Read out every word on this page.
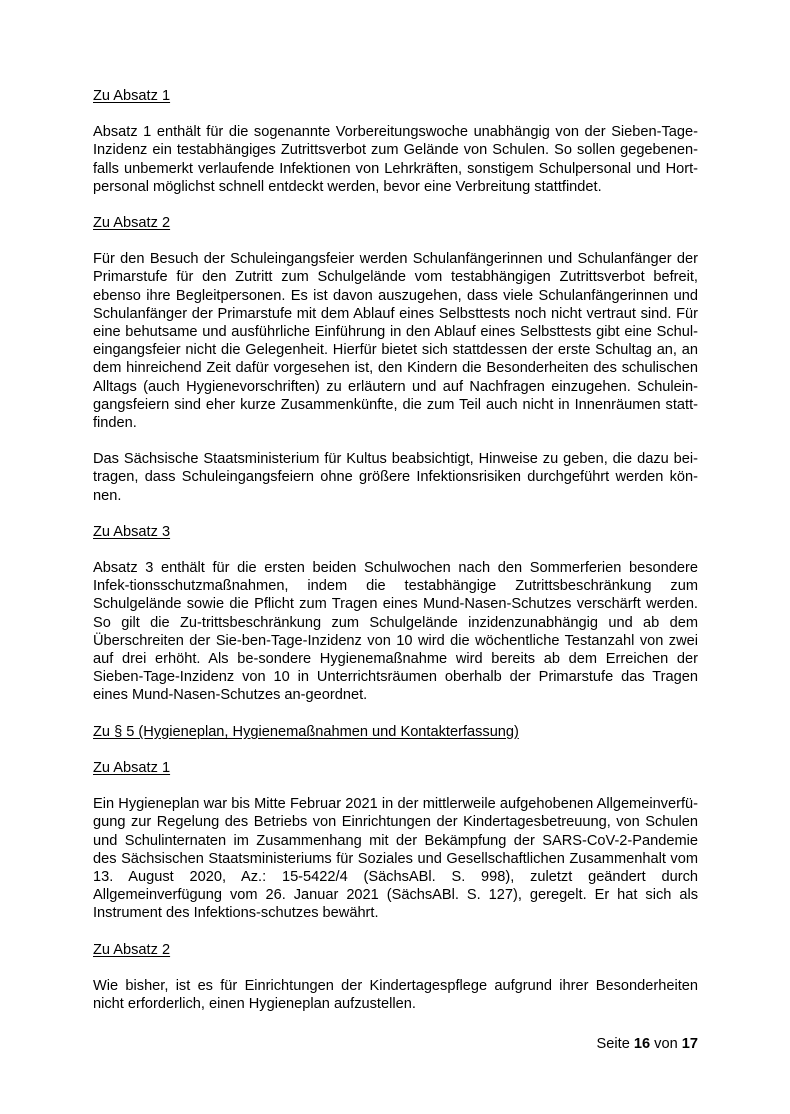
Zu Absatz 1
Absatz 1 enthält für die sogenannte Vorbereitungswoche unabhängig von der Sieben-Tage-Inzidenz ein testabhängiges Zutrittsverbot zum Gelände von Schulen. So sollen gegebenen-falls unbemerkt verlaufende Infektionen von Lehrkräften, sonstigem Schulpersonal und Hort-personal möglichst schnell entdeckt werden, bevor eine Verbreitung stattfindet.
Zu Absatz 2
Für den Besuch der Schuleingangsfeier werden Schulanfängerinnen und Schulanfänger der Primarstufe für den Zutritt zum Schulgelände vom testabhängigen Zutrittsverbot befreit, ebenso ihre Begleitpersonen. Es ist davon auszugehen, dass viele Schulanfängerinnen und Schulanfänger der Primarstufe mit dem Ablauf eines Selbsttests noch nicht vertraut sind. Für eine behutsame und ausführliche Einführung in den Ablauf eines Selbsttests gibt eine Schul-eingangsfeier nicht die Gelegenheit. Hierfür bietet sich stattdessen der erste Schultag an, an dem hinreichend Zeit dafür vorgesehen ist, den Kindern die Besonderheiten des schulischen Alltags (auch Hygienevorschriften) zu erläutern und auf Nachfragen einzugehen. Schulein-gangsfeiern sind eher kurze Zusammenkünfte, die zum Teil auch nicht in Innenräumen statt-finden.
Das Sächsische Staatsministerium für Kultus beabsichtigt, Hinweise zu geben, die dazu bei-tragen, dass Schuleingangsfeiern ohne größere Infektionsrisiken durchgeführt werden kön-nen.
Zu Absatz 3
Absatz 3 enthält für die ersten beiden Schulwochen nach den Sommerferien besondere Infek-tionsschutzmaßnahmen, indem die testabhängige Zutrittsbeschränkung zum Schulgelände sowie die Pflicht zum Tragen eines Mund-Nasen-Schutzes verschärft werden. So gilt die Zu-trittsbeschränkung zum Schulgelände inzidenzunabhängig und ab dem Überschreiten der Sie-ben-Tage-Inzidenz von 10 wird die wöchentliche Testanzahl von zwei auf drei erhöht. Als be-sondere Hygienemaßnahme wird bereits ab dem Erreichen der Sieben-Tage-Inzidenz von 10 in Unterrichtsräumen oberhalb der Primarstufe das Tragen eines Mund-Nasen-Schutzes an-geordnet.
Zu § 5 (Hygieneplan, Hygienemaßnahmen und Kontakterfassung)
Zu Absatz 1
Ein Hygieneplan war bis Mitte Februar 2021 in der mittlerweile aufgehobenen Allgemeinverfü-gung zur Regelung des Betriebs von Einrichtungen der Kindertagesbetreuung, von Schulen und Schulinternaten im Zusammenhang mit der Bekämpfung der SARS-CoV-2-Pandemie des Sächsischen Staatsministeriums für Soziales und Gesellschaftlichen Zusammenhalt vom 13. August 2020, Az.: 15-5422/4 (SächsABl. S. 998), zuletzt geändert durch Allgemeinverfügung vom 26. Januar 2021 (SächsABl. S. 127), geregelt. Er hat sich als Instrument des Infektions-schutzes bewährt.
Zu Absatz 2
Wie bisher, ist es für Einrichtungen der Kindertagespflege aufgrund ihrer Besonderheiten nicht erforderlich, einen Hygieneplan aufzustellen.
Seite 16 von 17
